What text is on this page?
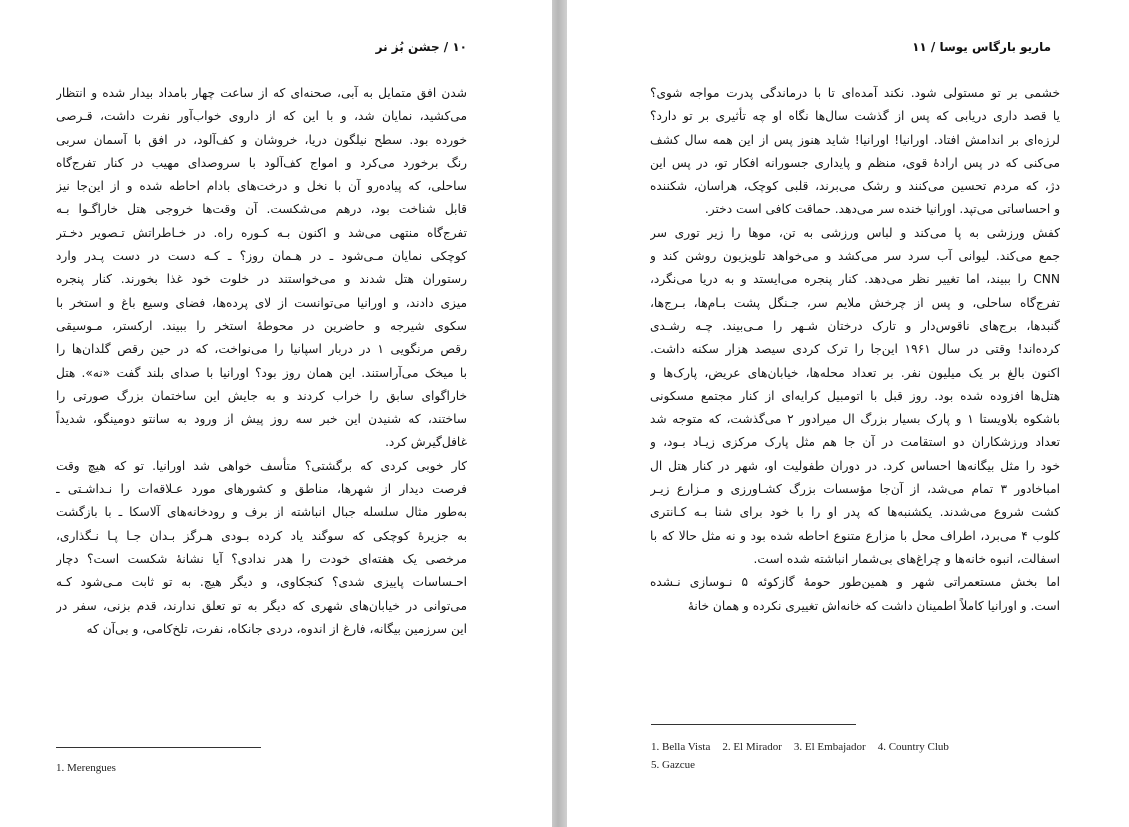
۱۰ / جشن بُز نر
شدن افق متمایل به آبی، صحنه‌ای که از ساعت چهار بامداد بیدار شده و انتظار
می‌کشید، نمایان شد، و با این که از داروی خواب‌آور نفرت داشت، قـرصی
خورده بود. سطح نیلگون دریا، خروشان و کف‌آلود، در افق با آسمان سربی
رنگ برخورد می‌کرد و امواج کف‌آلود با سروصدای مهیب در کنار تفرج‌گاه
ساحلی، که پیاده‌رو آن با نخل و درخت‌های بادام احاطه شده و از این‌جا نیز
قابل شناخت بود، درهم می‌شکست. آن وقت‌ها خروجی هتل خاراگـوا بـه
تفرج‌گاه منتهی می‌شد و اکنون بـه کـوره راه. در خـاطراتش تـصویر دخـتر
کوچکی نمایان مـی‌شود ـ در هـمان روز؟ ـ کـه دست در دست پـدر وارد
رستوران هتل شدند و می‌خواستند در خلوت خود غذا بخورند. کنار پنجره
میزی دادند، و اورانیا می‌توانست از لای پرده‌ها، فضای وسیع باغ و استخر با
سکوی شیرجه و حاضرین در محوطهٔ استخر را ببیند. ارکستر، مـوسیقی
رقص مرنگویی ۱ در دربار اسپانیا را می‌نواخت، که در حین رقص گلدان‌ها را
با میخک می‌آراستند. این همان روز بود؟ اورانیا با صدای بلند گفت «نه». هتل
خاراگوای سابق را خراب کردند و به جایش این ساختمان بزرگ صورتی را
ساختند، که شنیدن این خبر سه روز پیش از ورود به سانتو دومینگو، شدیداً
غافل‌گیرش کرد.
کار خوبی کردی که برگشتی؟ متأسف خواهی شد اورانیا. تو که هیچ وقت
فرصت دیدار از شهرها، مناطق و کشورهای مورد عـلاقه‌ات را نـداشـتی ـ
به‌طور مثال سلسله جبال انباشته از برف و رودخانه‌های آلاسکا ـ با بازگشت
به جزیرهٔ کوچکی که سوگند یاد کرده بـودی هـرگز بـدان جـا پـا نـگذاری،
مرخصی یک هفته‌ای خودت را هدر ندادی؟ آیا نشانهٔ شکست است؟ دچار
احـساسات پاییزی شدی؟ کنجکاوی، و دیگر هیچ. به تو ثابت مـی‌شود کـه
می‌توانی در خیابان‌های شهری که دیگر به تو تعلق ندارند، قدم بزنی، سفر در
این سرزمین بیگانه، فارغ از اندوه، دردی جانکاه، نفرت، تلخ‌کامی، و بی‌آن که
1. Merengues
ماریو بارگاس یوسا / ۱۱
خشمی بر تو مستولی شود. نکند آمده‌ای تا با درماندگی پدرت مواجه شوی؟
یا قصد داری دریابی که پس از گذشت سال‌ها نگاه او چه تأثیری بر تو دارد؟
لرزه‌ای بر اندامش افتاد. اورانیا! اورانیا! شاید هنوز پس از این همه سال کشف
می‌کنی که در پس ارادهٔ قوی، منظم و پایداری جسورانه افکار تو، در پس این
دژ، که مردم تحسین می‌کنند و رشک می‌برند، قلبی کوچک، هراسان، شکننده
و احساساتی می‌تپد. اورانیا خنده سر می‌دهد. حماقت کافی است دختر.
کفش ورزشی به پا می‌کند و لباس ورزشی به تن، موها را زیر توری سر
جمع می‌کند. لیوانی آب سرد سر می‌کشد و می‌خواهد تلویزیون روشن کند و
CNN را ببیند، اما تغییر نظر می‌دهد. کنار پنجره می‌ایستد و به دریا می‌نگرد،
تفرج‌گاه ساحلی، و پس از چرخش ملایم سر، جـنگل پشت بـام‌ها، بـرج‌ها،
گنبدها، برج‌های ناقوس‌دار و تارک درختان شـهر را مـی‌بیند. چـه رشـدی
کرده‌اند! وقتی در سال ۱۹۶۱ این‌جا را ترک کردی سیصد هزار سکنه داشت.
اکنون بالغ بر یک میلیون نفر. بر تعداد محله‌ها، خیابان‌های عریض، پارک‌ها و
هتل‌ها افزوده شده بود. روز قبل با اتومبیل کرایه‌ای از کنار مجتمع مسکونی
باشکوه بلاویستا ۱ و پارک بسیار بزرگ ال میرادور ۲ می‌گذشت، که متوجه شد
تعداد ورزشکاران دو استقامت در آن جا هم مثل پارک مرکزی زیـاد بـود، و
خود را مثل بیگانه‌ها احساس کرد. در دوران طفولیت او، شهر در کنار هتل ال
امباخادور ۳ تمام می‌شد، از آن‌جا مؤسسات بزرگ کشـاورزی و مـزارع زیـر
کشت شروع می‌شدند. یکشنبه‌ها که پدر او را با خود برای شنا بـه کـانتری
کلوب ۴ می‌برد، اطراف محل با مزارع متنوع احاطه شده بود و نه مثل حالا که با
اسفالت، انبوه خانه‌ها و چراغ‌های بی‌شمار انباشته شده است.
اما بخش مستعمراتی شهر و همین‌طور حومهٔ گازکوئه ۵ نـوسازی نـشده
است. و اورانیا کاملاً اطمینان داشت که خانه‌اش تغییری نکرده و همان خانهٔ
1. Bella Vista 2. El Mirador 3. El Embajador 4. Country Club
5. Gazcue
